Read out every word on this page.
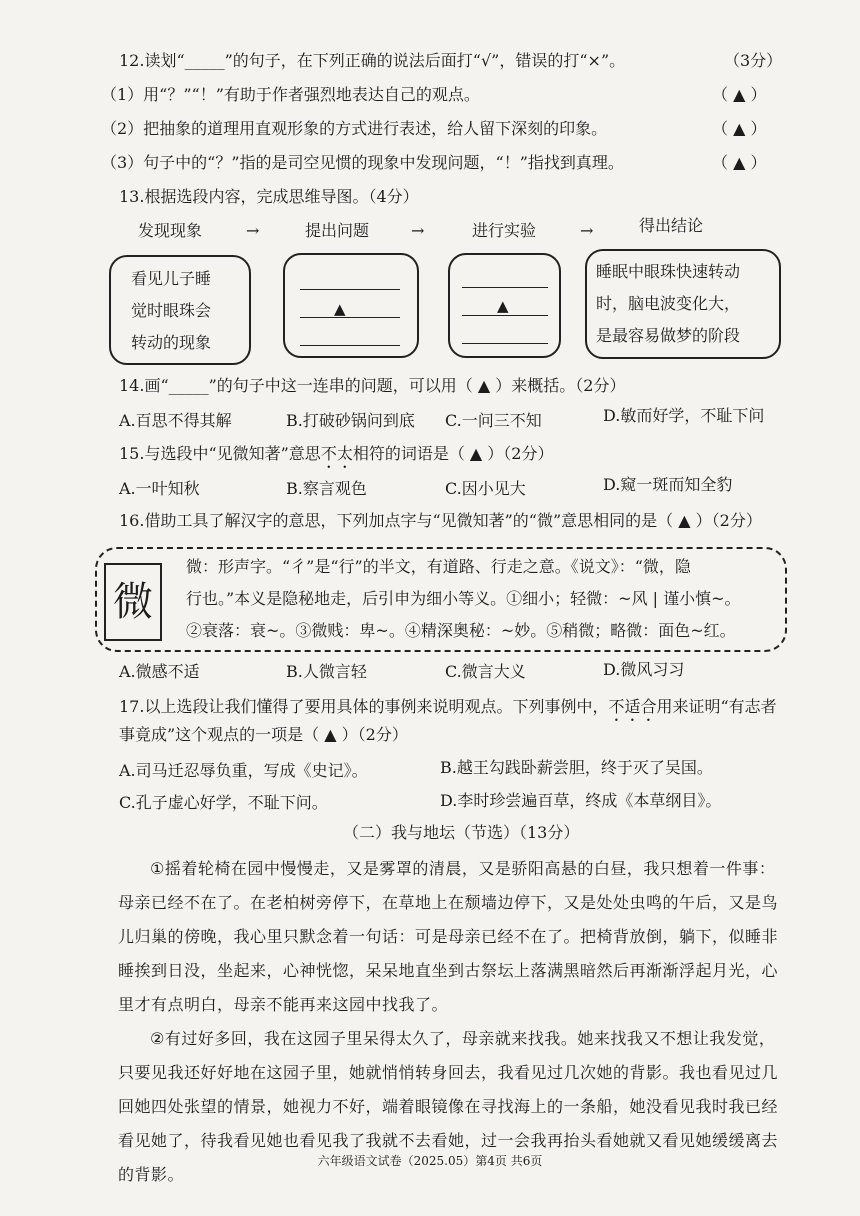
12.读划“_____”的句子，在下列正确的说法后面打“√”，错误的打“×”。	（3分）
（1）用“？”“！”有助于作者强烈地表达自己的观点。	（ ▲ ）
（2）把抽象的道理用直观形象的方式进行表述，给人留下深刻的印象。	（ ▲ ）
（3）句子中的“？”指的是司空见惯的现象中发现问题，“！”指找到真理。	（ ▲ ）
13.根据选段内容，完成思维导图。（4分）
发现现象	→	提出问题	→	进行实验	→	得出结论
看见儿子睡
觉时眼珠会
转动的现象
▲	▲
睡眠中眼珠快速转动
时，脑电波变化大，
是最容易做梦的阶段
14.画“_____”的句子中这一连串的问题，可以用（ ▲ ）来概括。（2分）
A.百思不得其解	B.打破砂锅问到底 C.一问三不知	D.敏而好学，不耻下问
15.与选段中“见微知著”意思不太相符的词语是（ ▲ ）（2分）
A.一叶知秋	B.察言观色	C.因小见大	D.窥一斑而知全豹
16.借助工具了解汉字的意思，下列加点字与“见微知著”的“微”意思相同的是（ ▲ ）（2分）
微
微：形声字。“彳”是“行”的半文，有道路、行走之意。《说文》：“微，隐
行也。”本义是隐秘地走，后引申为细小等义。①细小；轻微：~风 | 谨小慎~。
②衰落：衰~。③微贱：卑~。④精深奥秘：~妙。⑤稍微；略微：面色~红。
A.微感不适	B.人微言轻	C.微言大义	D.微风习习
17.以上选段让我们懂得了要用具体的事例来说明观点。下列事例中，不适合用来证明“有志者
事竟成”这个观点的一项是（ ▲ ）（2分）
A.司马迁忍辱负重，写成《史记》。	B.越王勾践卧薪尝胆，终于灭了吴国。
C.孔子虚心好学，不耻下问。	D.李时珍尝遍百草，终成《本草纲目》。
（二）我与地坛（节选）（13分）
①摇着轮椅在园中慢慢走，又是雾罩的清晨，又是骄阳高悬的白昼，我只想着一件事：母亲已经不在了。在老柏树旁停下，在草地上在颓墙边停下，又是处处虫鸣的午后，又是鸟儿归巢的傍晚，我心里只默念着一句话：可是母亲已经不在了。把椅背放倒，躺下，似睡非睡挨到日没，坐起来，心神恍惚，呆呆地直坐到古祭坛上落满黑暗然后再渐渐浮起月光，心里才有点明白，母亲不能再来这园中找我了。
②有过好多回，我在这园子里呆得太久了，母亲就来找我。她来找我又不想让我发觉，只要见我还好好地在这园子里，她就悄悄转身回去，我看见过几次她的背影。我也看见过几回她四处张望的情景，她视力不好，端着眼镜像在寻找海上的一条船，她没看见我时我已经看见她了，待我看见她也看见我了我就不去看她，过一会我再抬头看她就又看见她缓缓离去的背影。
六年级语文试卷（2025.05）第4页 共6页
